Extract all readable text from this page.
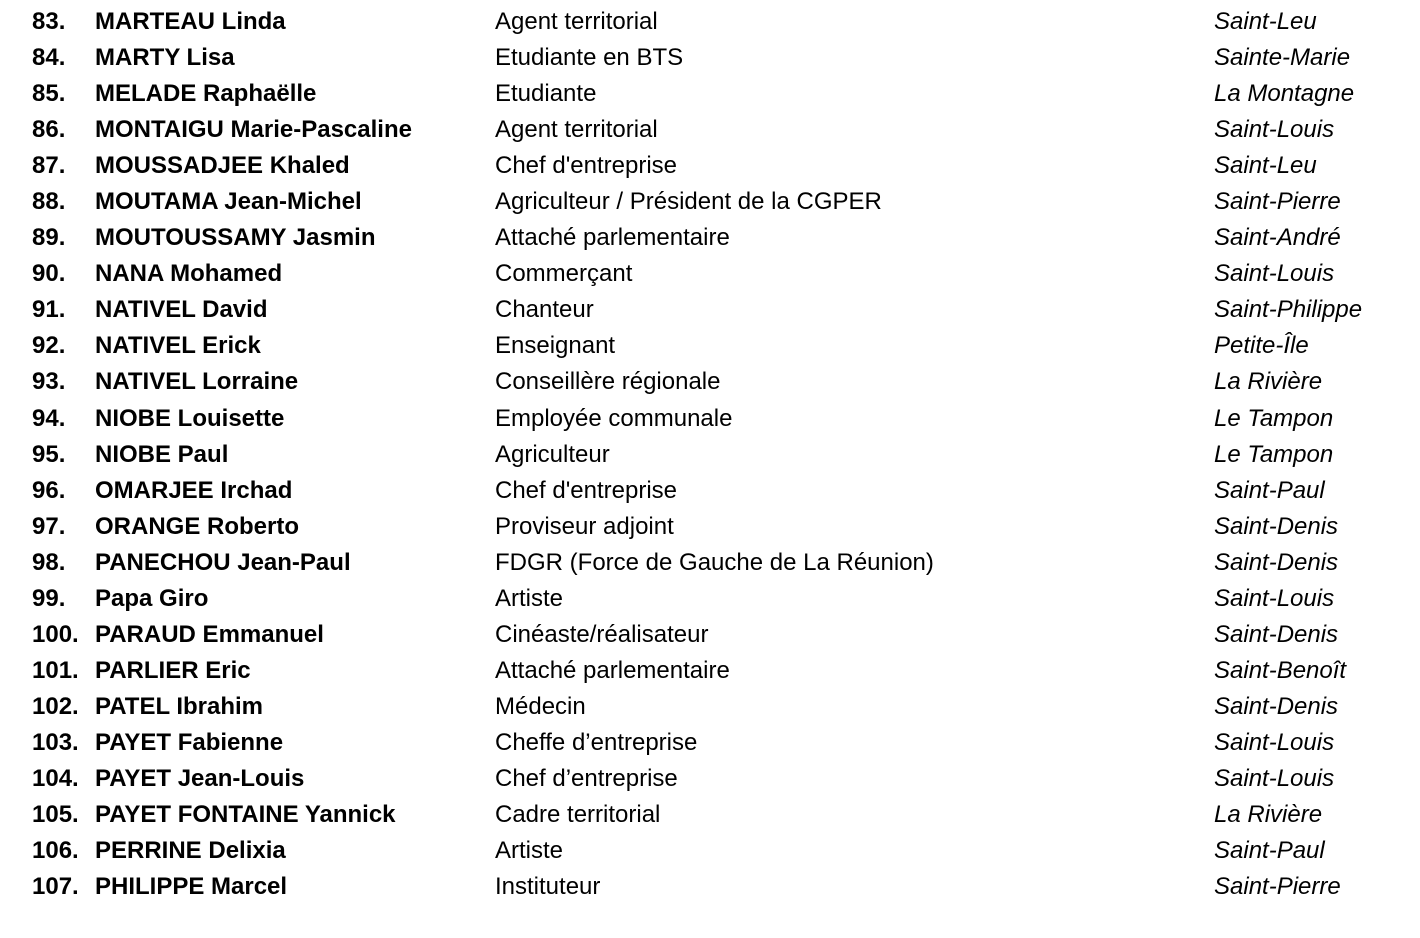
83. MARTEAU Linda	Agent territorial	Saint-Leu
84. MARTY Lisa	Etudiante en BTS	Sainte-Marie
85. MELADE Raphaëlle	Etudiante	La Montagne
86. MONTAIGU Marie-Pascaline	Agent territorial	Saint-Louis
87. MOUSSADJEE Khaled	Chef d'entreprise	Saint-Leu
88. MOUTAMA Jean-Michel	Agriculteur / Président de la CGPER	Saint-Pierre
89. MOUTOUSSAMY Jasmin	Attaché parlementaire	Saint-André
90. NANA Mohamed	Commerçant	Saint-Louis
91. NATIVEL David	Chanteur	Saint-Philippe
92. NATIVEL Erick	Enseignant	Petite-Île
93. NATIVEL Lorraine	Conseillère régionale	La Rivière
94. NIOBE Louisette	Employée communale	Le Tampon
95. NIOBE Paul	Agriculteur	Le Tampon
96. OMARJEE Irchad	Chef d'entreprise	Saint-Paul
97. ORANGE Roberto	Proviseur adjoint	Saint-Denis
98. PANECHOU Jean-Paul	FDGR (Force de Gauche de La Réunion)	Saint-Denis
99. Papa Giro	Artiste	Saint-Louis
100. PARAUD Emmanuel	Cinéaste/réalisateur	Saint-Denis
101. PARLIER Eric	Attaché parlementaire	Saint-Benoît
102. PATEL Ibrahim	Médecin	Saint-Denis
103. PAYET Fabienne	Cheffe d’entreprise	Saint-Louis
104. PAYET Jean-Louis	Chef d’entreprise	Saint-Louis
105. PAYET FONTAINE Yannick	Cadre territorial	La Rivière
106. PERRINE Delixia	Artiste	Saint-Paul
107. PHILIPPE Marcel	Instituteur	Saint-Pierre
